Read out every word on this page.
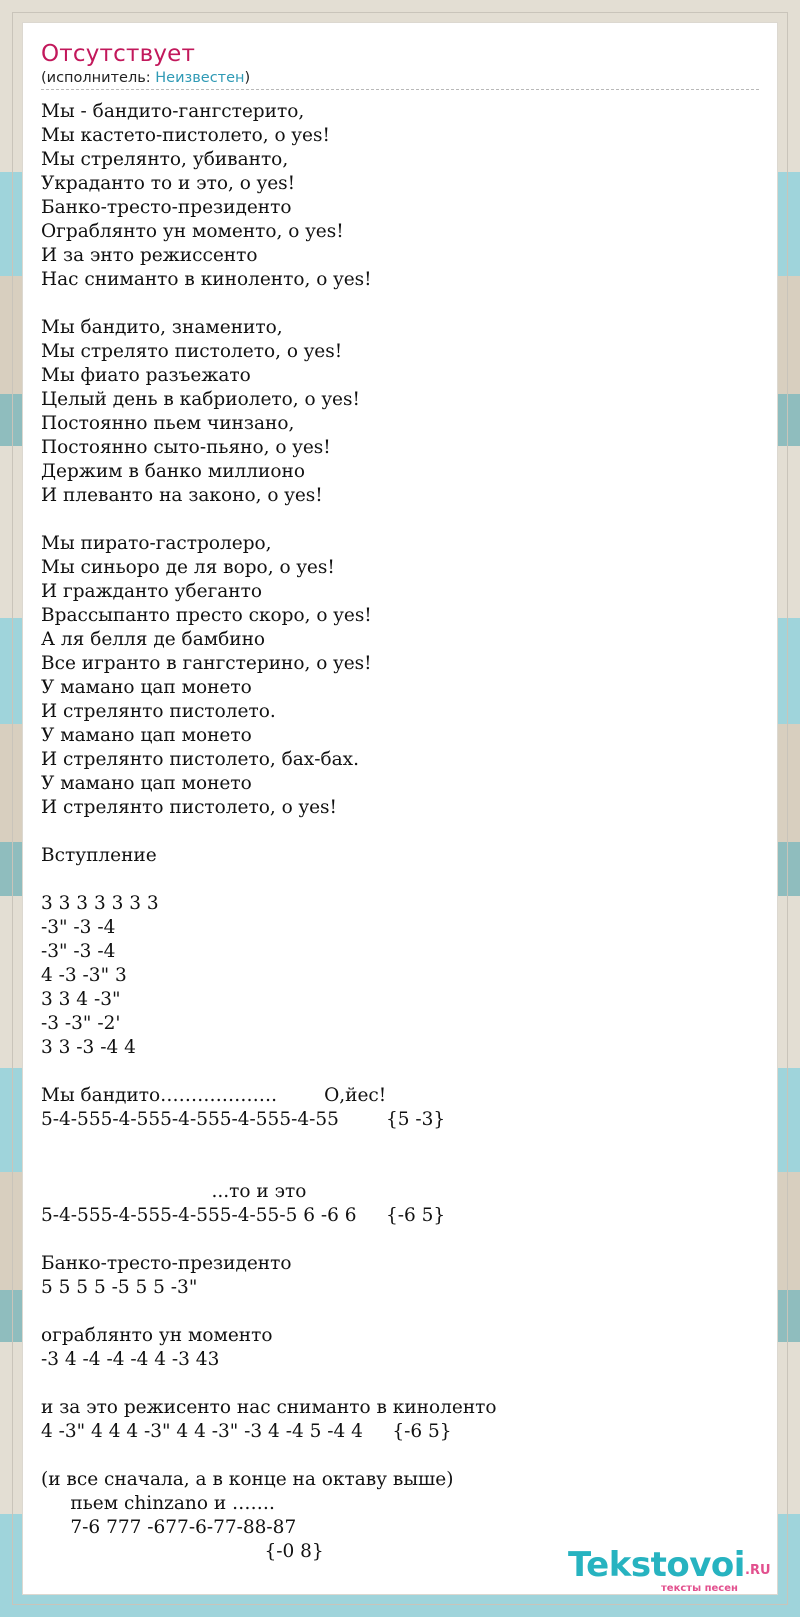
Отсутствует
(исполнитель: Неизвестен)
Мы - бандито-гангстерито,
Мы кастето-пистолето, о yes!
Мы стрелянто, убиванто,
Украданто то и это, о yes!
Банко-тресто-президенто
Ограблянто ун моменто, о yes!
И за энто режиссенто
Нас сниманто в киноленто, о yes!

Мы бандито, знаменито,
Мы стрелято пистолето, о yes!
Мы фиато разъежато
Целый день в кабриолето, о yes!
Постоянно пьем чинзано,
Постоянно сыто-пьяно, о yes!
Держим в банко миллионо
И плеванто на законо, о yes!

Мы пирато-гастролеро,
Мы синьоро де ля воро, о yes!
И гражданто убеганто
Врассыпанто престо скоро, о yes!
А ля белля де бамбино
Все игранто в гангстерино, о yes!
У мамано цап монето
И стрелянто пистолето.
У мамано цап монето
И стрелянто пистолето, бах-бах.
У мамано цап монето
И стрелянто пистолето, о yes!

Вступление

3 3 3 3 3 3 3
-3" -3 -4
-3" -3 -4
4 -3 -3" 3
3 3 4 -3"
-3 -3" -2'
3 3 -3 -4 4

Мы бандито……………….        О,йес!
5-4-555-4-555-4-555-4-555-4-55        {5 -3}

...то и это
5-4-555-4-555-4-555-4-55-5 6 -6 6     {-6 5}

Банко-тресто-президенто
5 5 5 5 -5 5 5 -3"

ограблянто ун моменто
-3 4 -4 -4 -4 4 -3 43

и за это режисенто нас сниманто в киноленто
4 -3" 4 4 4 -3" 4 4 -3" -3 4 -4 5 -4 4     {-6 5}

(и все сначала, а в конце на октаву выше)
пьем chinzano и …….
7-6 777 -677-6-77-88-87
{-0 8}	Tekstovoi .RU
тексты песен
